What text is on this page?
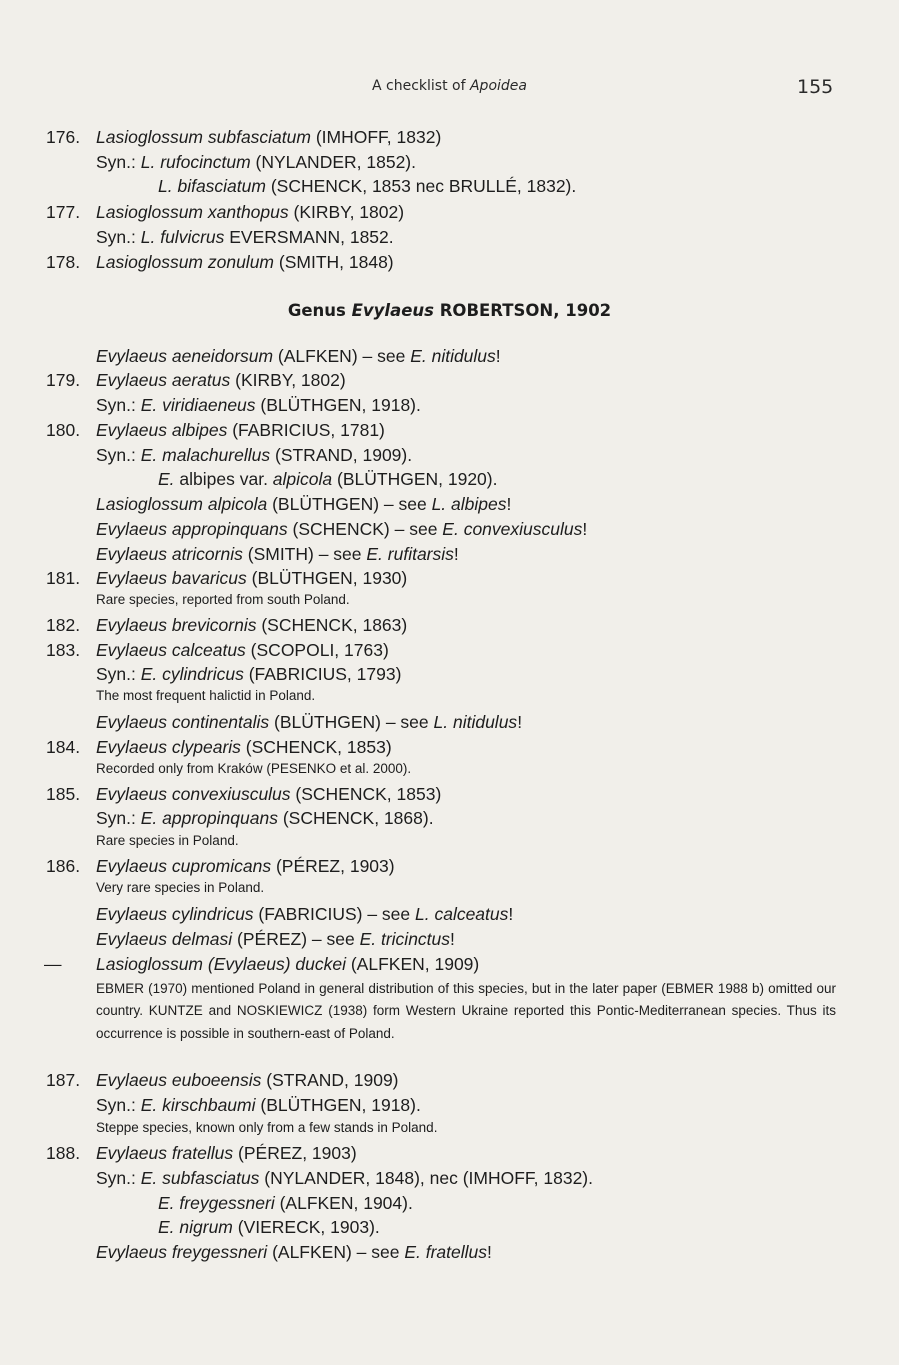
A checklist of Apoidea	155
Genus Evylaeus ROBERTSON, 1902
176. Lasioglossum subfasciatum (IMHOFF, 1832)
Syn.: L. rufocinctum (NYLANDER, 1852).
L. bifasciatum (SCHENCK, 1853 nec BRULLÉ, 1832).
177. Lasioglossum xanthopus (KIRBY, 1802)
Syn.: L. fulvicrus EVERSMANN, 1852.
178. Lasioglossum zonulum (SMITH, 1848)
Evylaeus aeneidorsum (ALFKEN) – see E. nitidulus!
179. Evylaeus aeratus (KIRBY, 1802)
Syn.: E. viridiaeneus (BLÜTHGEN, 1918).
180. Evylaeus albipes (FABRICIUS, 1781)
Syn.: E. malachurellus (STRAND, 1909).
E. albipes var. alpicola (BLÜTHGEN, 1920).
Lasioglossum alpicola (BLÜTHGEN) – see L. albipes!
Evylaeus appropinquans (SCHENCK) – see E. convexiusculus!
Evylaeus atricornis (SMITH) – see E. rufitarsis!
181. Evylaeus bavaricus (BLÜTHGEN, 1930)
Rare species, reported from south Poland.
182. Evylaeus brevicornis (SCHENCK, 1863)
183. Evylaeus calceatus (SCOPOLI, 1763)
Syn.: E. cylindricus (FABRICIUS, 1793)
The most frequent halictid in Poland.
Evylaeus continentalis (BLÜTHGEN) – see L. nitidulus!
184. Evylaeus clypearis (SCHENCK, 1853)
Recorded only from Kraków (PESENKO et al. 2000).
185. Evylaeus convexiusculus (SCHENCK, 1853)
Syn.: E. appropinquans (SCHENCK, 1868).
Rare species in Poland.
186. Evylaeus cupromicans (PÉREZ, 1903)
Very rare species in Poland.
Evylaeus cylindricus (FABRICIUS) – see L. calceatus!
Evylaeus delmasi (PÉREZ) – see E. tricinctus!
—	Lasioglossum (Evylaeus) duckei (ALFKEN, 1909)
187. Evylaeus euboeensis (STRAND, 1909)
Syn.: E. kirschbaumi (BLÜTHGEN, 1918).
Steppe species, known only from a few stands in Poland.
188. Evylaeus fratellus (PÉREZ, 1903)
Syn.: E. subfasciatus (NYLANDER, 1848), nec (IMHOFF, 1832).
E. freygessneri (ALFKEN, 1904).
E. nigrum (VIERECK, 1903).
Evylaeus freygessneri (ALFKEN) – see E. fratellus!
EBMER (1970) mentioned Poland in general distribution of this species, but in the later paper (EBMER 1988 b) omitted our country. KUNTZE and NOSKIEWICZ (1938) form Western Ukraine reported this Pontic-Mediterranean species. Thus its occurrence is possible in southern-east of Poland.
